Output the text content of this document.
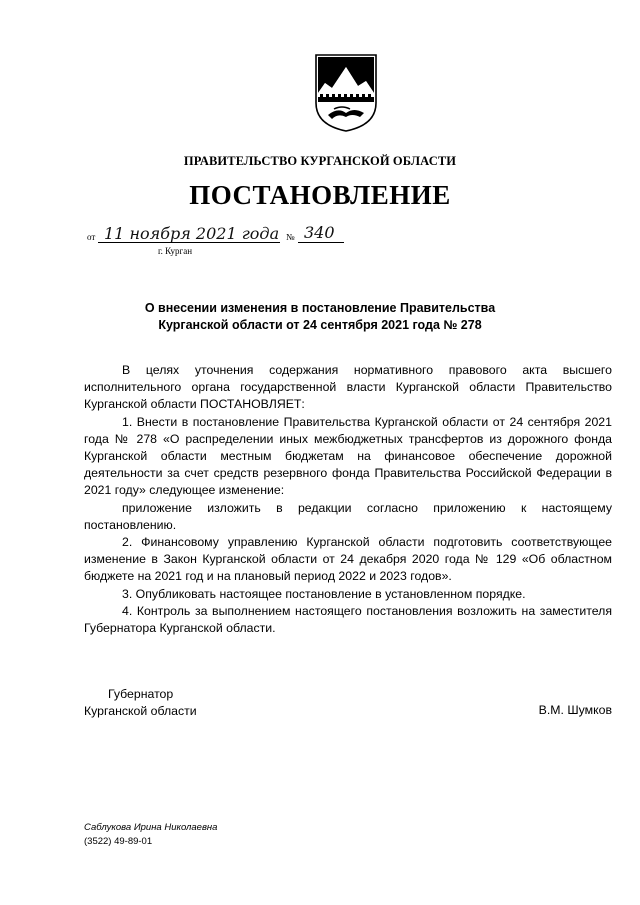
ПРАВИТЕЛЬСТВО КУРГАНСКОЙ ОБЛАСТИ
ПОСТАНОВЛЕНИЕ
от 11 ноября 2021 года № 340
г. Курган
О внесении изменения в постановление Правительства
Курганской области от 24 сентября 2021 года № 278

В целях уточнения содержания нормативного правового акта высшего исполнительного органа государственной власти Курганской области Правительство Курганской области ПОСТАНОВЛЯЕТ:

1. Внести в постановление Правительства Курганской области от 24 сентября 2021 года № 278 «О распределении иных межбюджетных трансфертов из дорожного фонда Курганской области местным бюджетам на финансовое обеспечение дорожной деятельности за счет средств резервного фонда Правительства Российской Федерации в 2021 году» следующее изменение:

приложение изложить в редакции согласно приложению к настоящему постановлению.

2. Финансовому управлению Курганской области подготовить соответствующее изменение в Закон Курганской области от 24 декабря 2020 года № 129 «Об областном бюджете на 2021 год и на плановый период 2022 и 2023 годов».

3. Опубликовать настоящее постановление в установленном порядке.

4. Контроль за выполнением настоящего постановления возложить на заместителя Губернатора Курганской области.

Губернатор
Курганской области	В.М. Шумков
Саблукова Ирина Николаевна
(3522) 49-89-01
